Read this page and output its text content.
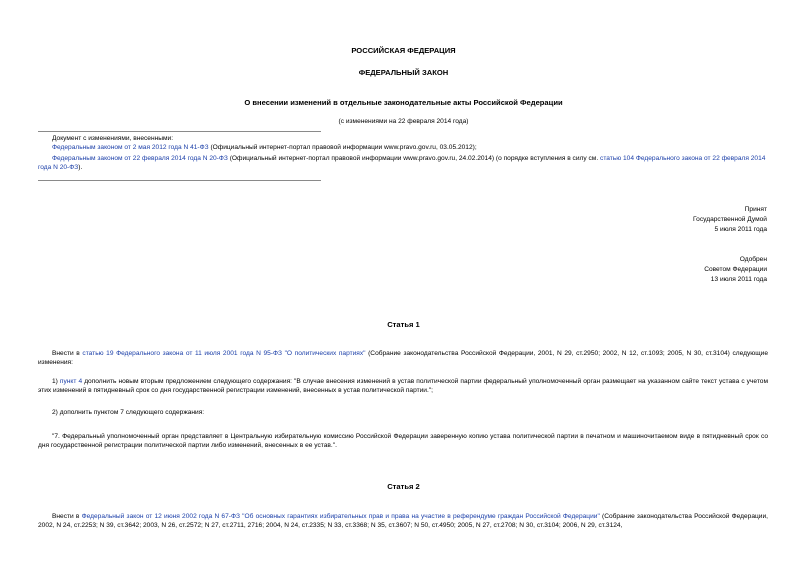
РОССИЙСКАЯ ФЕДЕРАЦИЯ
ФЕДЕРАЛЬНЫЙ ЗАКОН
О внесении изменений в отдельные законодательные акты Российской Федерации
(с изменениями на 22 февраля 2014 года)
Документ с изменениями, внесенными:
Федеральным законом от 2 мая 2012 года N 41-ФЗ (Официальный интернет-портал правовой информации www.pravo.gov.ru, 03.05.2012);
Федеральным законом от 22 февраля 2014 года N 20-ФЗ (Официальный интернет-портал правовой информации www.pravo.gov.ru, 24.02.2014) (о порядке вступления в силу см. статью 104 Федерального закона от 22 февраля 2014 года N 20-ФЗ).
Принят
Государственной Думой
5 июля 2011 года
Одобрен
Советом Федерации
13 июля 2011 года
Статья 1
Внести в статью 19 Федерального закона от 11 июля 2001 года N 95-ФЗ "О политических партиях" (Собрание законодательства Российской Федерации, 2001, N 29, ст.2950; 2002, N 12, ст.1093; 2005, N 30, ст.3104) следующие изменения:
1) пункт 4 дополнить новым вторым предложением следующего содержания: "В случае внесения изменений в устав политической партии федеральный уполномоченный орган размещает на указанном сайте текст устава с учетом этих изменений в пятидневный срок со дня государственной регистрации изменений, внесенных в устав политической партии.";
2) дополнить пунктом 7 следующего содержания:
"7. Федеральный уполномоченный орган представляет в Центральную избирательную комиссию Российской Федерации заверенную копию устава политической партии в печатном и машиночитаемом виде в пятидневный срок со дня государственной регистрации политической партии либо изменений, внесенных в ее устав.".
Статья 2
Внести в Федеральный закон от 12 июня 2002 года N 67-ФЗ "Об основных гарантиях избирательных прав и права на участие в референдуме граждан Российской Федерации" (Собрание законодательства Российской Федерации, 2002, N 24, ст.2253; N 39, ст.3642; 2003, N 26, ст.2572; N 27, ст.2711, 2716; 2004, N 24, ст.2335; N 33, ст.3368; N 35, ст.3607; N 50, ст.4950; 2005, N 27, ст.2708; N 30, ст.3104; 2006, N 29, ст.3124,
